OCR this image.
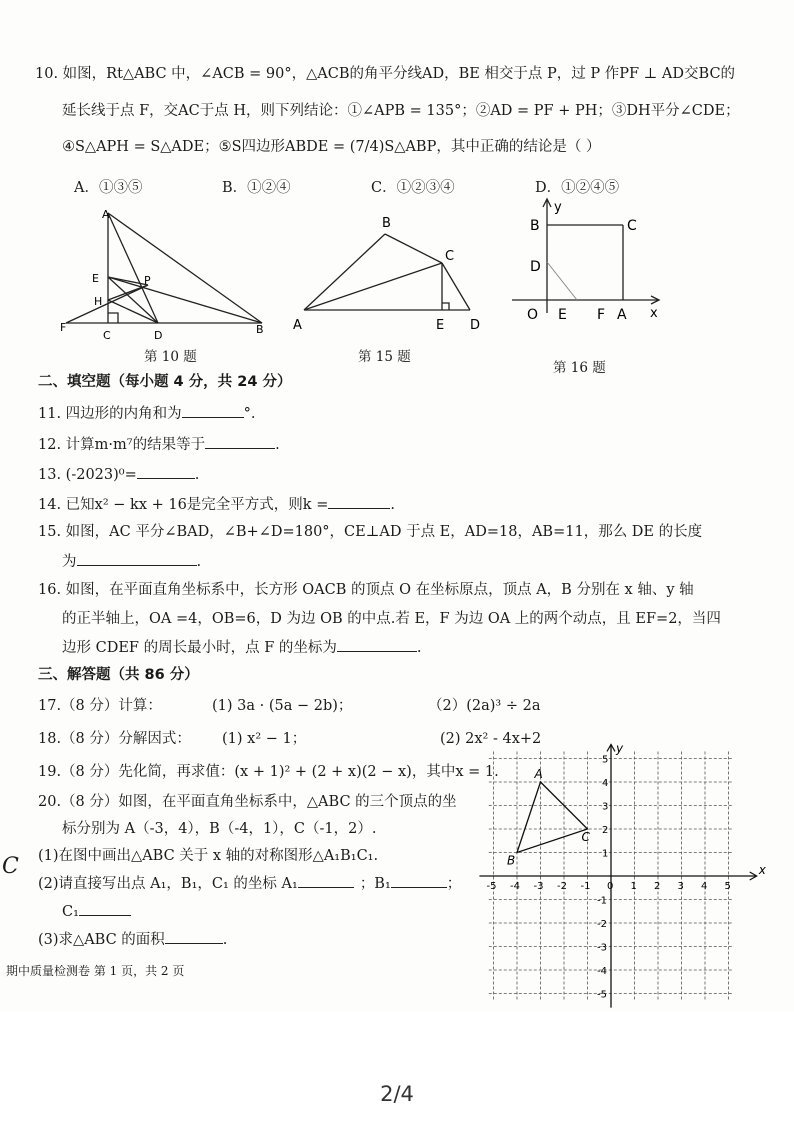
10. 如图，Rt△ABC 中，∠ACB = 90°，△ACB的角平分线AD，BE 相交于点 P，过 P 作PF ⊥ AD交BC的
延长线于点 F，交AC于点 H，则下列结论：①∠APB = 135°；②AD = PF + PH；③DH平分∠CDE；
④S△APH = S△ADE；⑤S四边形ABDE = (7/4)S△ABP，其中正确的结论是（ ）
A．①③⑤	B．①②④	C．①②③④	D．①②④⑤
A
E	P
H
F
C	D	B
第 10 题
B
C
A	E D
第 15 题
B	C
y
D
O E F A x
第 16 题
二、填空题（每小题 4 分，共 24 分）
11. 四边形的内角和为	°.
12. 计算m·m⁷的结果等于	.
13. (-2023)⁰=	.
14. 已知x² − kx + 16是完全平方式，则k =	.
15. 如图，AC 平分∠BAD，∠B+∠D=180°，CE⊥AD 于点 E，AD=18，AB=11，那么 DE 的长度
为	.
16. 如图，在平面直角坐标系中，长方形 OACB 的顶点 O 在坐标原点，顶点 A，B 分别在 x 轴、y 轴
的正半轴上，OA =4，OB=6，D 为边 OB 的中点.若 E，F 为边 OA 上的两个动点，且 EF=2，当四
边形 CDEF 的周长最小时，点 F 的坐标为	.
三、解答题（共 86 分）
17.（8 分）计算：	(1) 3a · (5a − 2b)；	（2）(2a)³ ÷ 2a
18.（8 分）分解因式： (1) x² − 1；	(2) 2x² - 4x+2
19.（8 分）先化简，再求值：(x + 1)² + (2 + x)(2 − x)，其中x = 1.
20.（8 分）如图，在平面直角坐标系中，△ABC 的三个顶点的坐
标分别为 A（-3，4），B（-4，1），C（-1，2）.
(1)在图中画出△ABC 关于 x 轴的对称图形△A₁B₁C₁.
(2)请直接写出点 A₁，B₁，C₁ 的坐标 A₁	；B₁	；
C₁
(3)求△ABC 的面积	.
C	x
y
-5 -4 -3 -2 -1 0 1 2 3 4 5
5
4
3
2
1
-1
-2
-3
-4
-5
A
B
C
期中质量检测卷 第 1 页，共 2 页
2/4
